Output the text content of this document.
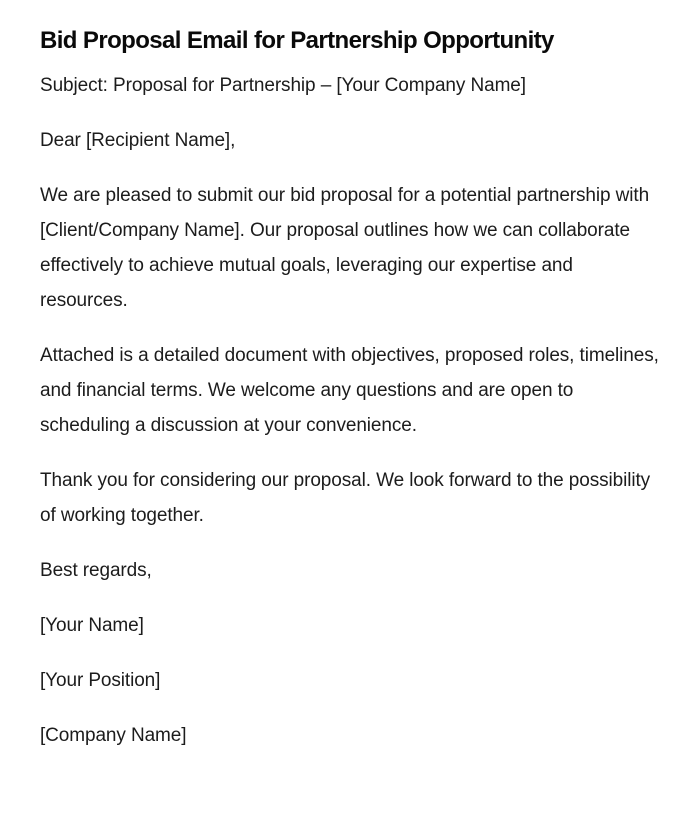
Bid Proposal Email for Partnership Opportunity

Subject: Proposal for Partnership – [Your Company Name]

Dear [Recipient Name],

We are pleased to submit our bid proposal for a potential partnership with [Client/Company Name]. Our proposal outlines how we can collaborate effectively to achieve mutual goals, leveraging our expertise and resources.

Attached is a detailed document with objectives, proposed roles, timelines, and financial terms. We welcome any questions and are open to scheduling a discussion at your convenience.

Thank you for considering our proposal. We look forward to the possibility of working together.

Best regards,

[Your Name]

[Your Position]

[Company Name]
